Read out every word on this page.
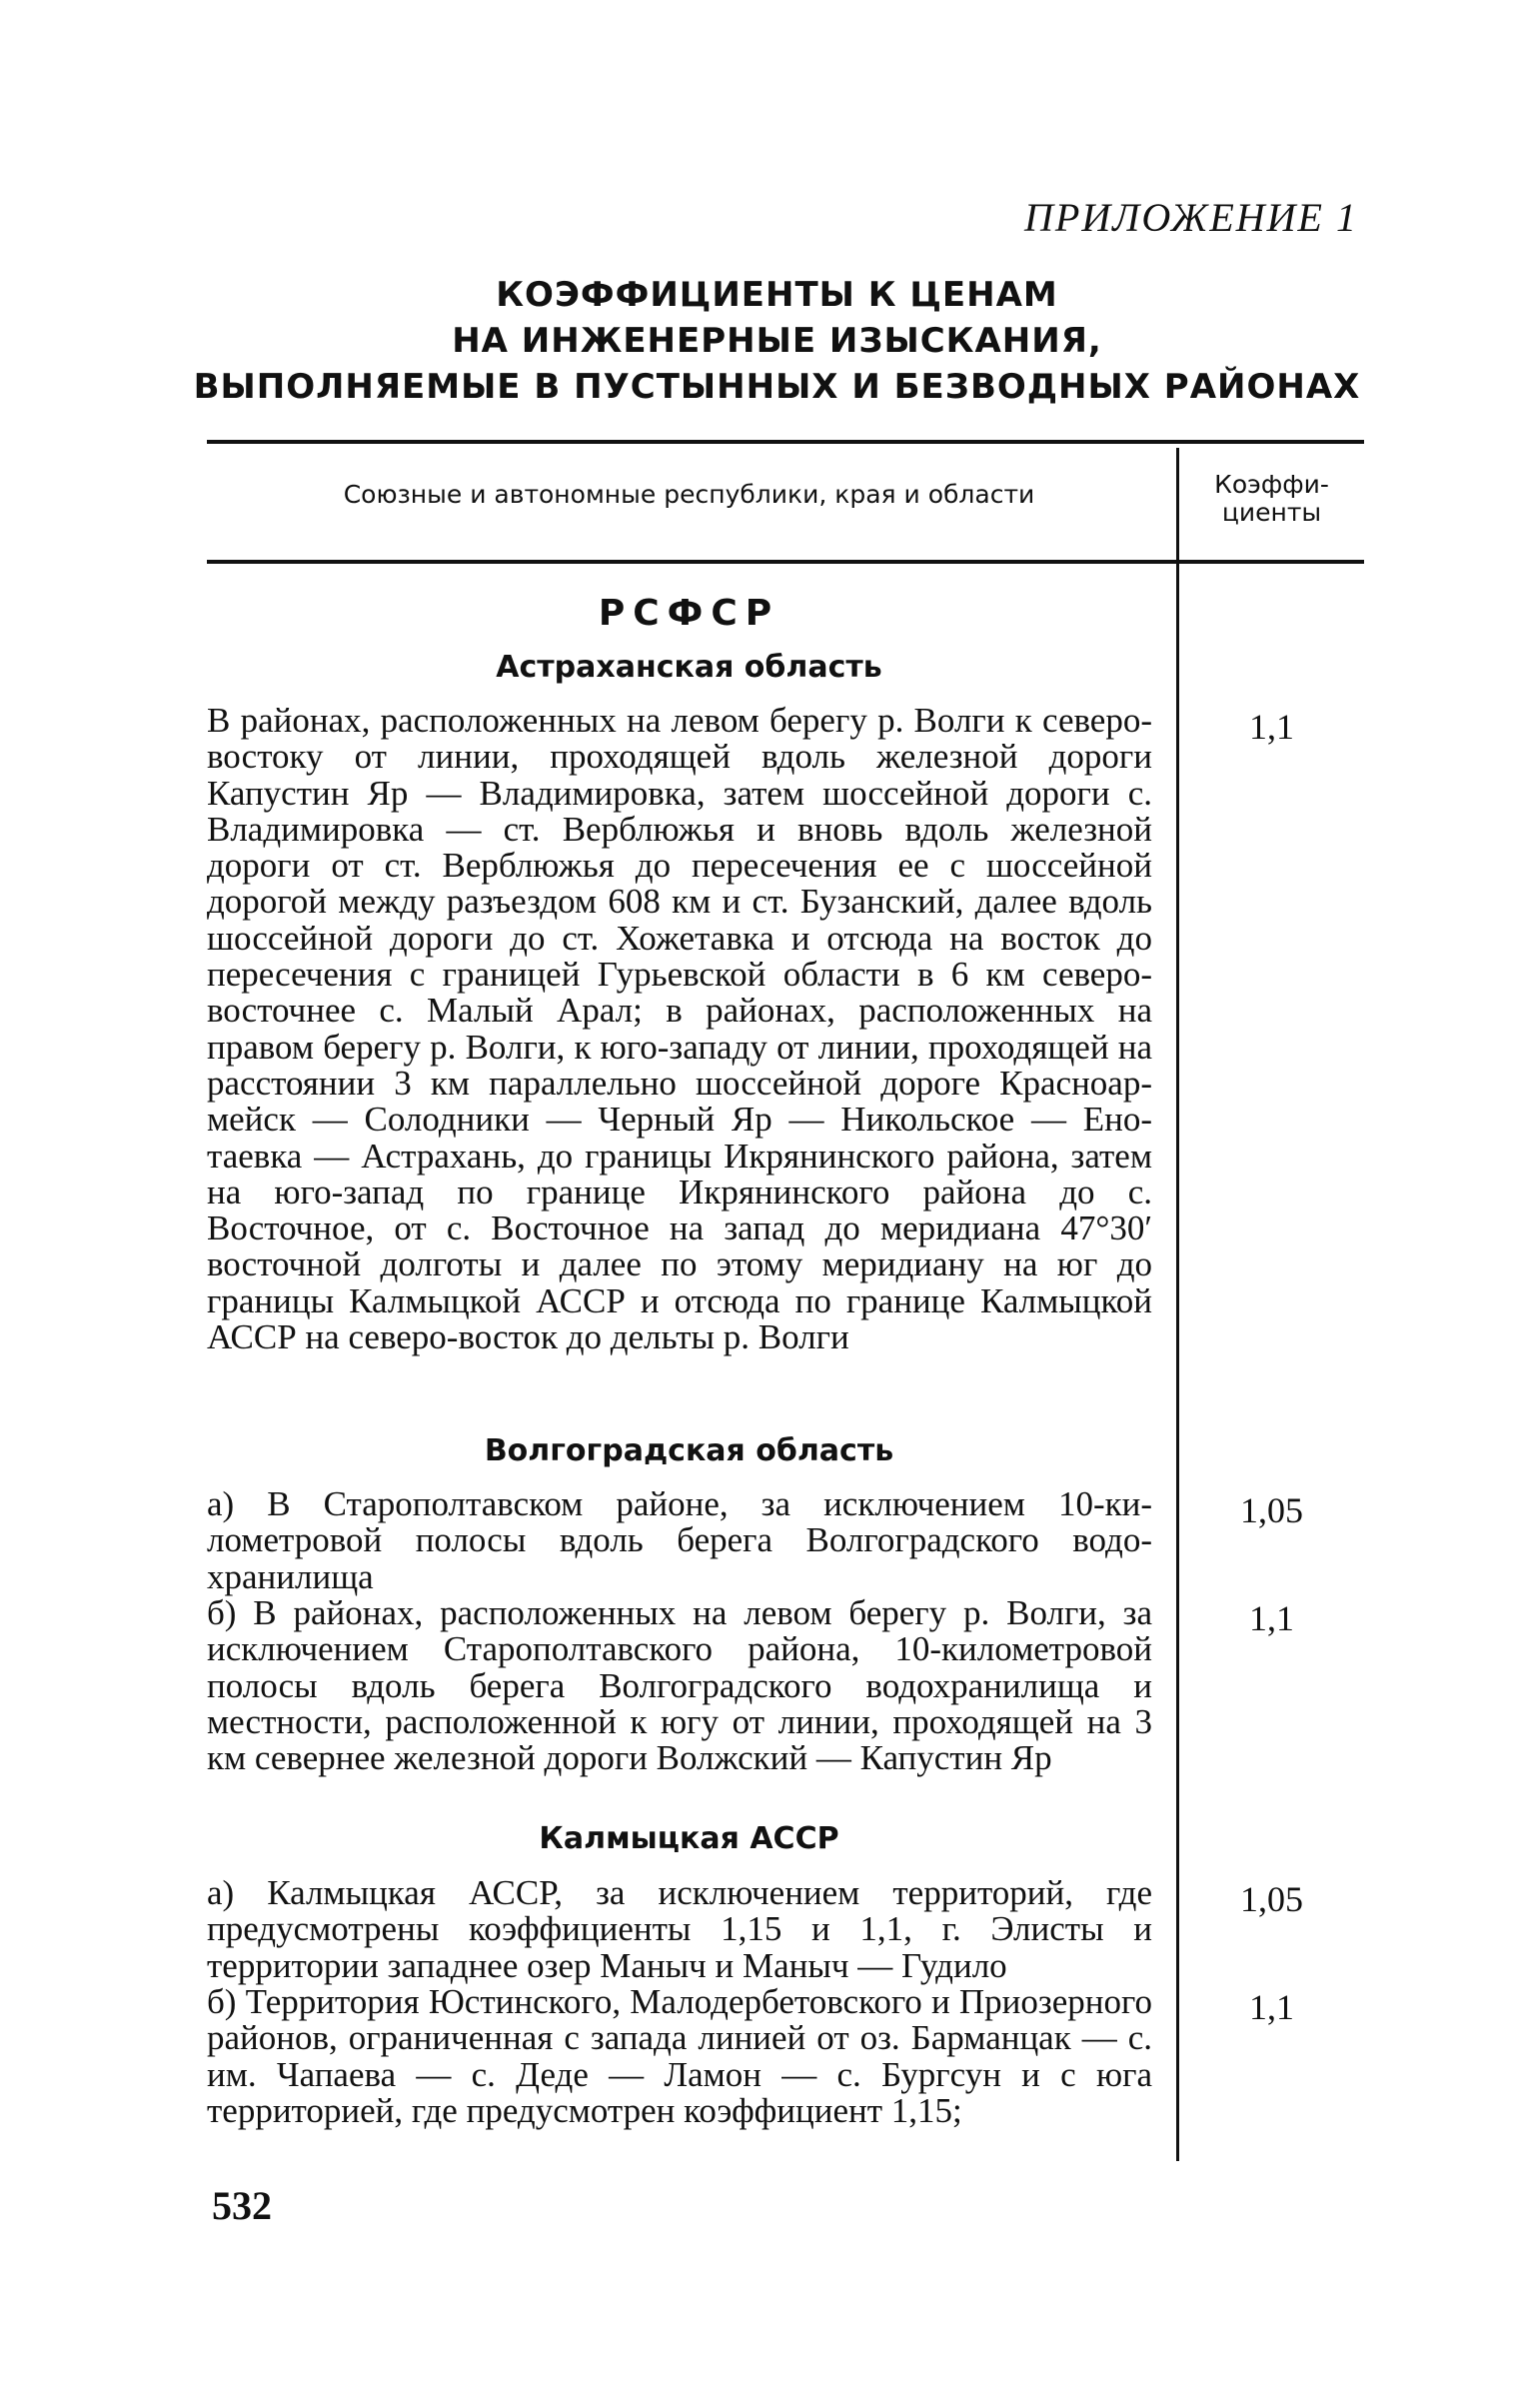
ПРИЛОЖЕНИЕ 1
КОЭФФИЦИЕНТЫ К ЦЕНАМ
НА ИНЖЕНЕРНЫЕ ИЗЫСКАНИЯ,
ВЫПОЛНЯЕМЫЕ В ПУСТЫННЫХ И БЕЗВОДНЫХ РАЙОНАХ
Союзные и автономные республики, края и области	Коэффи-
циенты
РСФСР
Астраханская область
В районах, расположенных на левом берегу р. Волги к северо-востоку от линии, проходящей вдоль железной дороги Капустин Яр — Владимировка, затем шоссейной дороги с. Владимировка — ст. Верблюжья и вновь вдоль железной дороги от ст. Верблюжья до пересечения ее с шоссейной дорогой между разъездом 608 км и ст. Бузанский, далее вдоль шоссейной дороги до ст. Хожетавка и отсюда на восток до пересечения с границей Гурьевской области в 6 км северо-восточнее с. Малый Арал; в районах, расположенных на правом берегу р. Волги, к юго-западу от линии, проходящей на расстоянии 3 км параллельно шоссейной дороге Красноармейск — Солодники — Черный Яр — Никольское — Енотаевка — Астрахань, до границы Икрянинского района, затем на юго-запад по границе Икрянинского района до с. Восточное, от с. Восточное на запад до меридиана 47°30′ восточной долготы и далее по этому меридиану на юг до границы Калмыцкой АССР и отсюда по границе Калмыцкой АССР на северо-восток до дельты р. Волги
1,1
Волгоградская область
а) В Старополтавском районе, за исключением 10-километровой полосы вдоль берега Волгоградского водохранилища
1,05
б) В районах, расположенных на левом берегу р. Волги, за исключением Старополтавского района, 10-километровой полосы вдоль берега Волгоградского водохранилища и местности, расположенной к югу от линии, проходящей на 3 км севернее железной дороги Волжский — Капустин Яр
1,1
Калмыцкая АССР
а) Калмыцкая АССР, за исключением территорий, где предусмотрены коэффициенты 1,15 и 1,1, г. Элисты и территории западнее озер Маныч и Маныч — Гудило
1,05
б) Территория Юстинского, Малодербетовского и Приозерного районов, ограниченная с запада линией от оз. Барманцак — с. им. Чапаева — с. Деде — Ламон — с. Бургсун и с юга территорией, где предусмотрен коэффициент 1,15;
1,1
532
